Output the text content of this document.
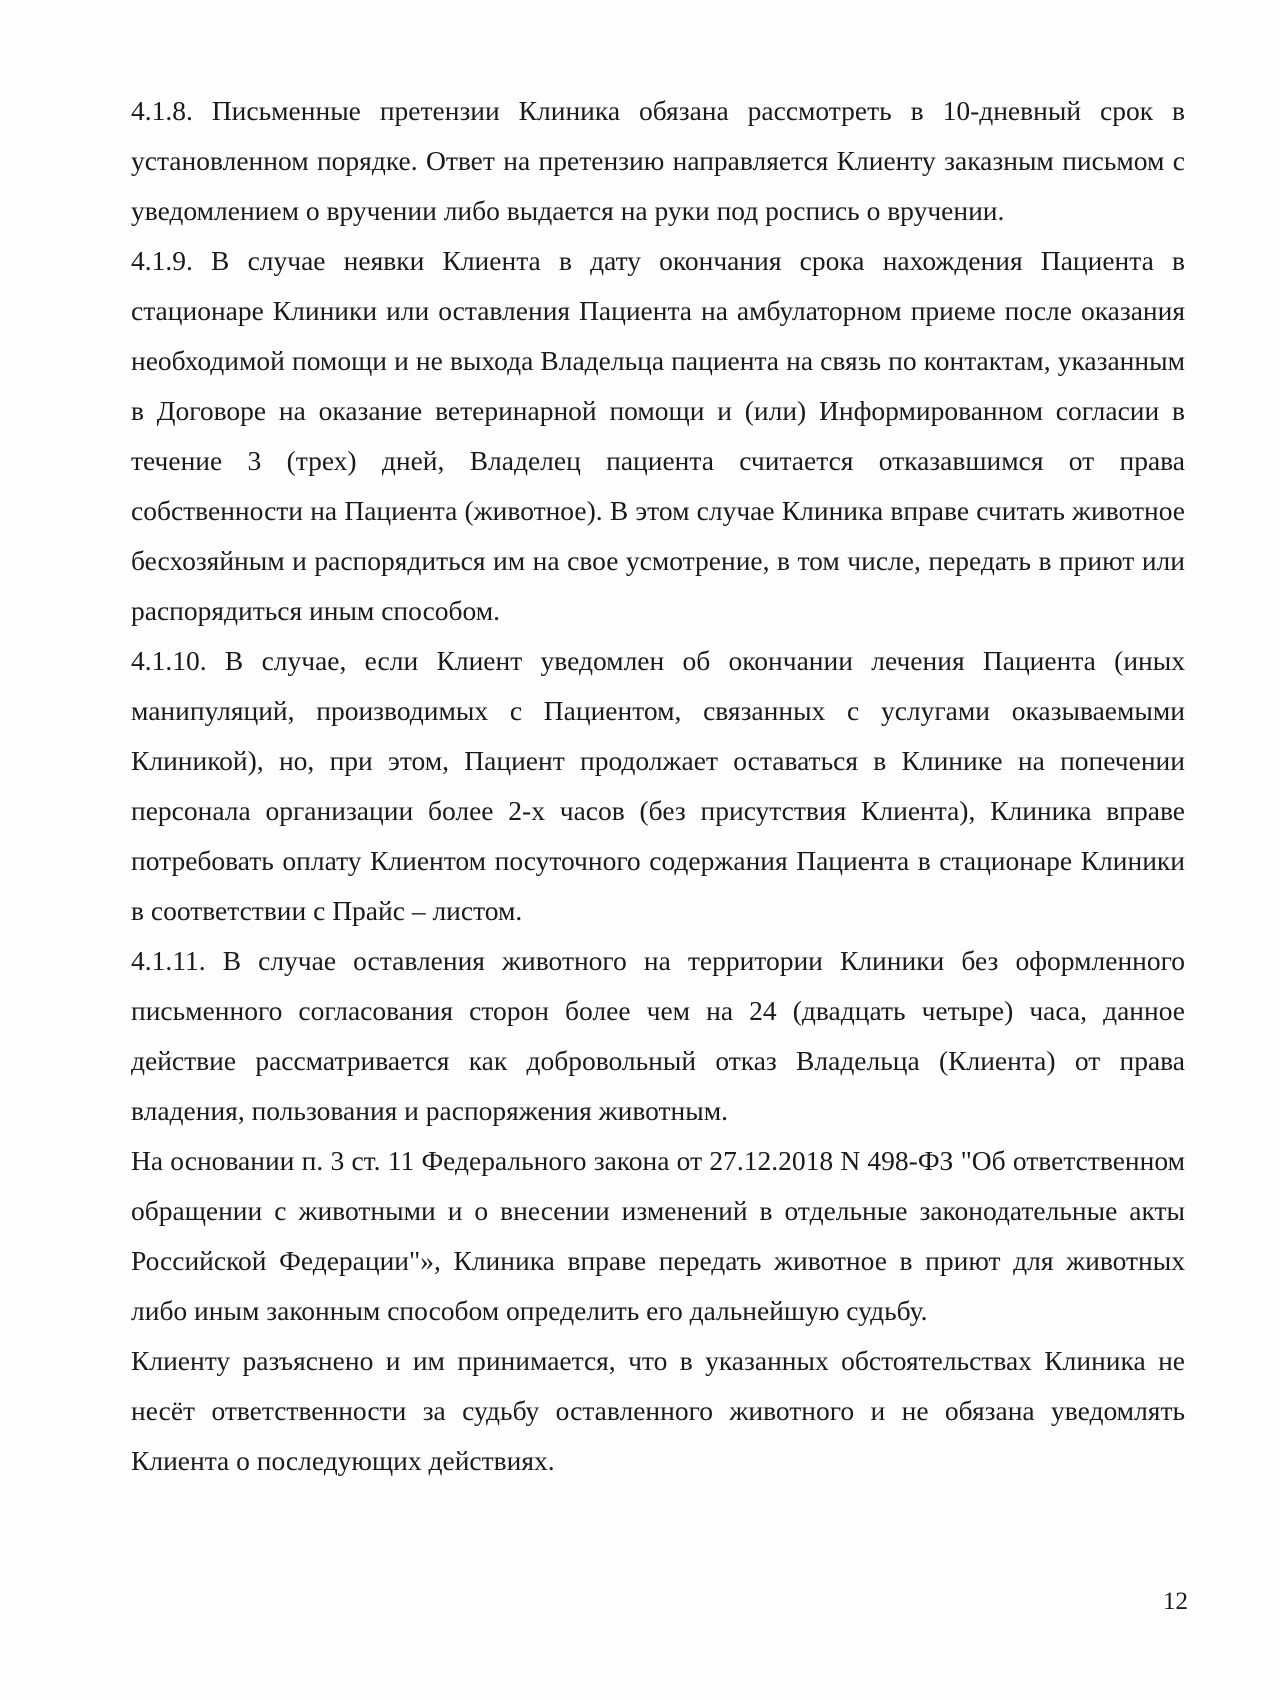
4.1.8. Письменные претензии Клиника обязана рассмотреть в 10-дневный срок в установленном порядке. Ответ на претензию направляется Клиенту заказным письмом с уведомлением о вручении либо выдается на руки под роспись о вручении.

4.1.9. В случае неявки Клиента в дату окончания срока нахождения Пациента в стационаре Клиники или оставления Пациента на амбулаторном приеме после оказания необходимой помощи и не выхода Владельца пациента на связь по контактам, указанным в Договоре на оказание ветеринарной помощи и (или) Информированном согласии в течение 3 (трех) дней, Владелец пациента считается отказавшимся от права собственности на Пациента (животное). В этом случае Клиника вправе считать животное бесхозяйным и распорядиться им на свое усмотрение, в том числе, передать в приют или распорядиться иным способом.

4.1.10. В случае, если Клиент уведомлен об окончании лечения Пациента (иных манипуляций, производимых с Пациентом, связанных с услугами оказываемыми Клиникой), но, при этом, Пациент продолжает оставаться в Клинике на попечении персонала организации более 2-х часов (без присутствия Клиента), Клиника вправе потребовать оплату Клиентом посуточного содержания Пациента в стационаре Клиники в соответствии с Прайс – листом.

4.1.11. В случае оставления животного на территории Клиники без оформленного письменного согласования сторон более чем на 24 (двадцать четыре) часа, данное действие рассматривается как добровольный отказ Владельца (Клиента) от права владения, пользования и распоряжения животным.

На основании п. 3 ст. 11 Федерального закона от 27.12.2018 N 498-ФЗ "Об ответственном обращении с животными и о внесении изменений в отдельные законодательные акты Российской Федерации"», Клиника вправе передать животное в приют для животных либо иным законным способом определить его дальнейшую судьбу.

Клиенту разъяснено и им принимается, что в указанных обстоятельствах Клиника не несёт ответственности за судьбу оставленного животного и не обязана уведомлять Клиента о последующих действиях.

12
